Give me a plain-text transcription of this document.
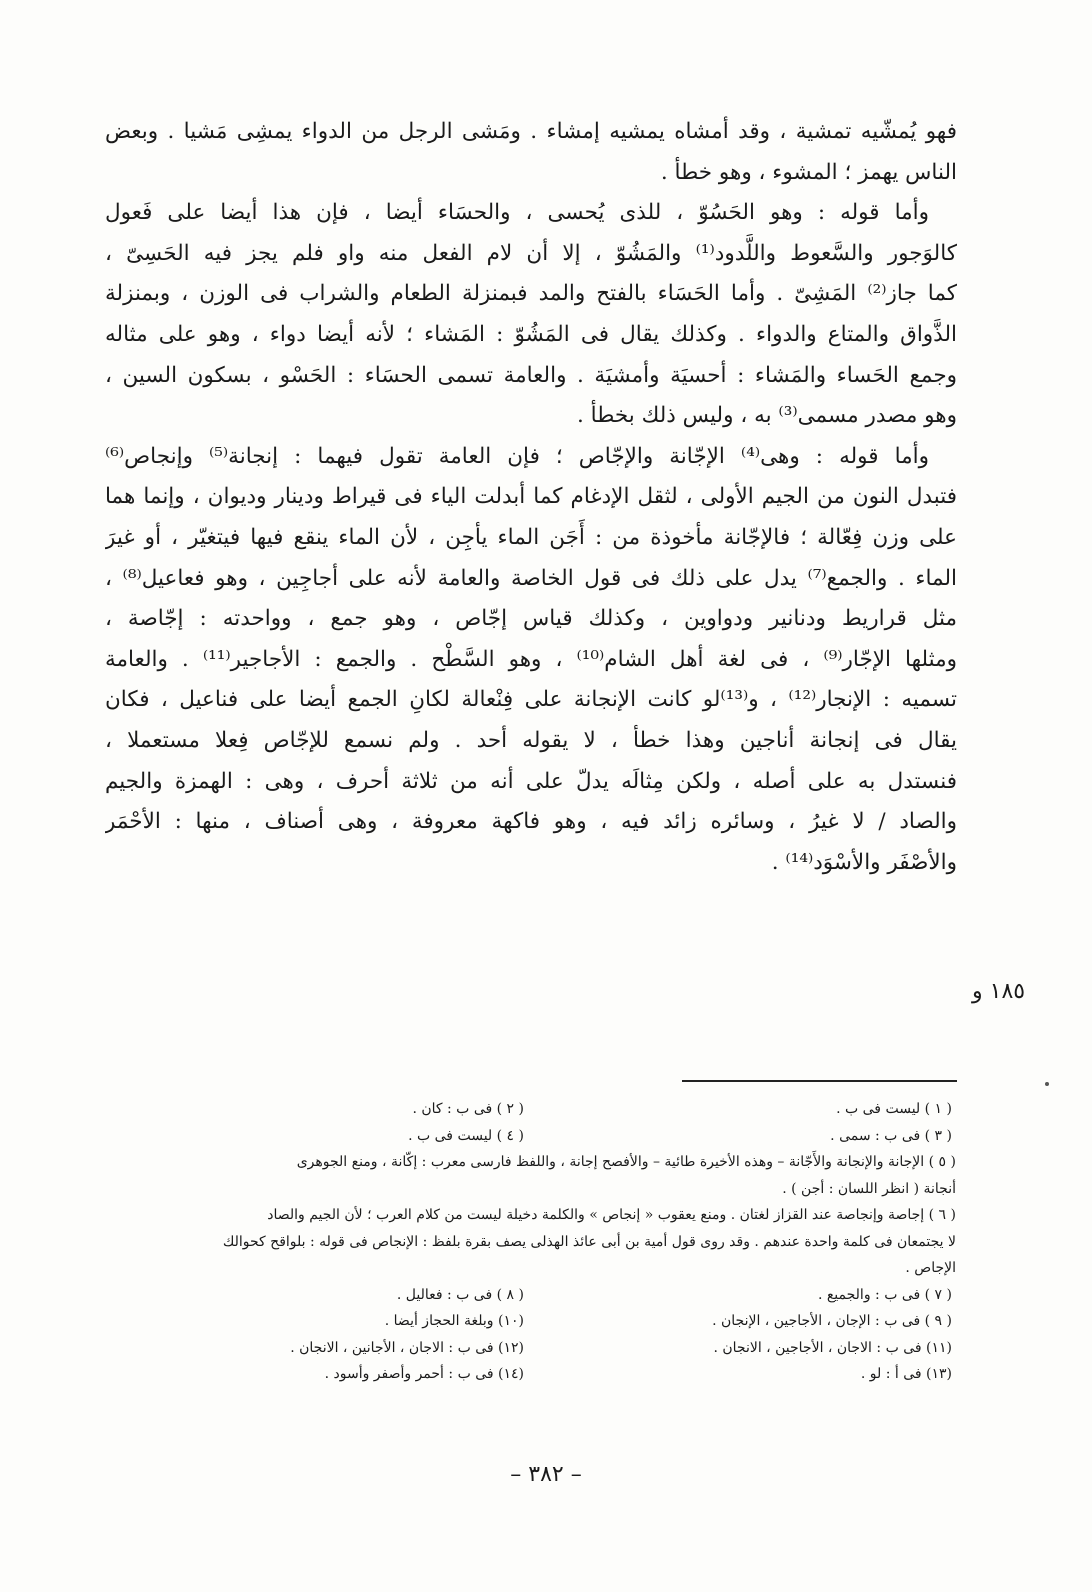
فهو يُمشّيه تمشية ، وقد أمشاه يمشيه إمشاء . ومَشى الرجل من الدواء يمشِى مَشيا . وبعض
الناس يهمز ؛ المشوء ، وهو خطأ .
وأما قوله : وهو الحَسُوّ ، للذى يُحسى ، والحسَاء أيضا ، فإن هذا أيضا على فَعول
كالوَجور والسَّعوط واللَّدود⁽¹⁾ والمَشُوّ ، إلا أن لام الفعل منه واو فلم يجز فيه الحَسِىّ ،
كما جاز⁽²⁾ المَشِىّ . وأما الحَسَاء بالفتح والمد فبمنزلة الطعام والشراب فى الوزن ، وبمنزلة
الذَّواق والمتاع والدواء . وكذلك يقال فى المَشُوّ : المَشاء ؛ لأنه أيضا دواء ، وهو على مثاله
وجمع الحَساء والمَشاء : أحسيَة وأمشيَة . والعامة تسمى الحسَاء : الحَسْو ، بسكون السين ،
وهو مصدر مسمى⁽³⁾ به ، وليس ذلك بخطأ .
وأما قوله : وهى⁽⁴⁾ الإجّانة والإجّاص ؛ فإن العامة تقول فيهما : إنجانة⁽⁵⁾ وإنجاص⁽⁶⁾
فتبدل النون من الجيم الأولى ، لثقل الإدغام كما أبدلت الياء فى قيراط ودينار وديوان ، وإنما هما
على وزن فِعّالة ؛ فالإجّانة مأخوذة من : أَجَن الماء يأجِن ، لأن الماء ينقع فيها فيتغيّر ، أو غيرَ
الماء . والجمع⁽⁷⁾ يدل على ذلك فى قول الخاصة والعامة لأنه على أجاجِين ، وهو فعاعيل⁽⁸⁾ ،
مثل قراريط ودنانير ودواوين ، وكذلك قياس إجّاص ، وهو جمع ، وواحدته : إجّاصة ،
ومثلها الإجّار⁽⁹⁾ ، فى لغة أهل الشام⁽¹⁰⁾ ، وهو السَّطْح . والجمع : الأجاجير⁽¹¹⁾ . والعامة
تسميه : الإنجار⁽¹²⁾ ، و⁽¹³⁾لو كانت الإنجانة على فِنْعالة لكانِ الجمع أيضا على فناعيل ، فكان
يقال فى إنجانة أناجين وهذا خطأ ، لا يقوله أحد . ولم نسمع للإجّاص فِعلا مستعملا ،
فنستدل به على أصله ، ولكن مِثالَه يدلّ على أنه من ثلاثة أحرف ، وهى : الهمزة والجيم
والصاد / لا غيرُ ، وسائره زائد فيه ، وهو فاكهة معروفة ، وهى أصناف ، منها : الأحْمَر
والأصْفَر والأسْوَد⁽¹⁴⁾ .
١٨٥ و
( ١ ) ليست فى ب .
( ٢ ) فى ب : كان .
( ٣ ) فى ب : سمى .
( ٤ ) ليست فى ب .
( ٥ ) الإجانة والإنجانة والأَجّانة – وهذه الأخيرة طائية – والأفصح إجانة ، واللفظ فارسى معرب : إكّانة ، ومنع الجوهرى
أنجانة ( انظر اللسان : أجن ) .
( ٦ ) إجاصة وإنجاصة عند القزاز لغتان . ومنع يعقوب « إنجاص » والكلمة دخيلة ليست من كلام العرب ؛ لأن الجيم والصاد
لا يجتمعان فى كلمة واحدة عندهم . وقد روى قول أمية بن أبى عائذ الهذلى يصف بقرة بلفظ : الإنجاص فى قوله : بلواقح كحوالك
الإجاص .
( ٧ ) فى ب : والجميع .
( ٨ ) فى ب : فعاليل .
( ٩ ) فى ب : الإجان ، الأجاجين ، الإنجان .
(١٠) وبلغة الحجاز أيضا .
(١١) فى ب : الاجان ، الأجاجين ، الانجان .
(١٢) فى ب : الاجان ، الأجانين ، الانجان .
(١٣) فى أ : لو .
(١٤) فى ب : أحمر وأصفر وأسود .
– ٣٨٢ –
